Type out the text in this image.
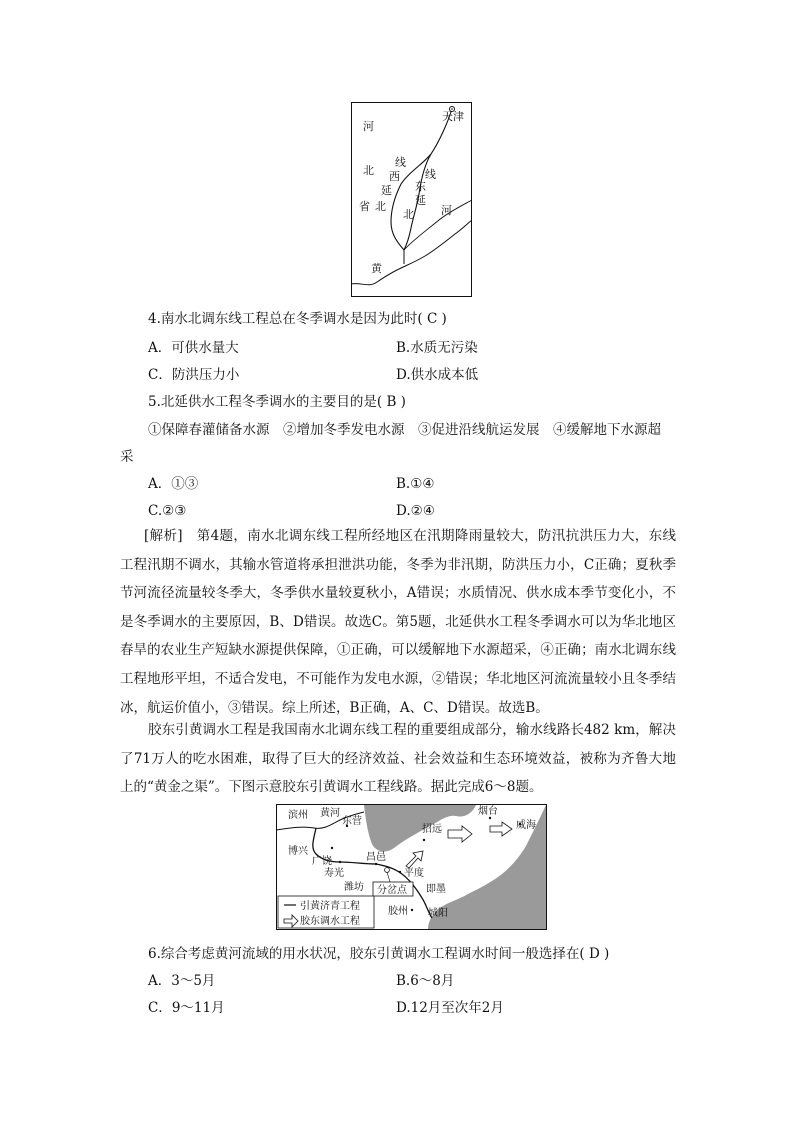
天津
河
北
省
线
西
延
北
线
东
延
北 河
黄
4.南水北调东线工程总在冬季调水是因为此时( C )
A．可供水量大	B.水质无污染
C．防洪压力小	D.供水成本低
5.北延供水工程冬季调水的主要目的是( B )
①保障春灌储备水源　②增加冬季发电水源　③促进沿线航运发展　④缓解地下水源超
采
A．①③	B.①④
C.②③	D.②④
[解析]　第4题，南水北调东线工程所经地区在汛期降雨量较大，防汛抗洪压力大，东线工程汛期不调水，其输水管道将承担泄洪功能，冬季为非汛期，防洪压力小，C正确；夏秋季节河流径流量较冬季大，冬季供水量较夏秋小，A错误；水质情况、供水成本季节变化小，不是冬季调水的主要原因，B、D错误。故选C。第5题，北延供水工程冬季调水可以为华北地区春旱的农业生产短缺水源提供保障，①正确，可以缓解地下水源超采，④正确；南水北调东线工程地形平坦，不适合发电，不可能作为发电水源，②错误；华北地区河流流量较小且冬季结冰，航运价值小，③错误。综上所述，B正确，A、C、D错误。故选B。
胶东引黄调水工程是我国南水北调东线工程的重要组成部分，输水线路长482 km，解决了71万人的吃水困难，取得了巨大的经济效益、社会效益和生态环境效益，被称为齐鲁大地上的“黄金之渠”。下图示意胶东引黄调水工程线路。据此完成6～8题。
引黄济青工程
胶东调水工程
滨州 黄河
东营
招远
烟台
威海
博兴
广饶	昌邑
寿光	平度
潍坊 分岔点 即墨
胶州 城阳
6.综合考虑黄河流域的用水状况，胶东引黄调水工程调水时间一般选择在( D )
A．3～5月	B.6～8月
C．9～11月	D.12月至次年2月
